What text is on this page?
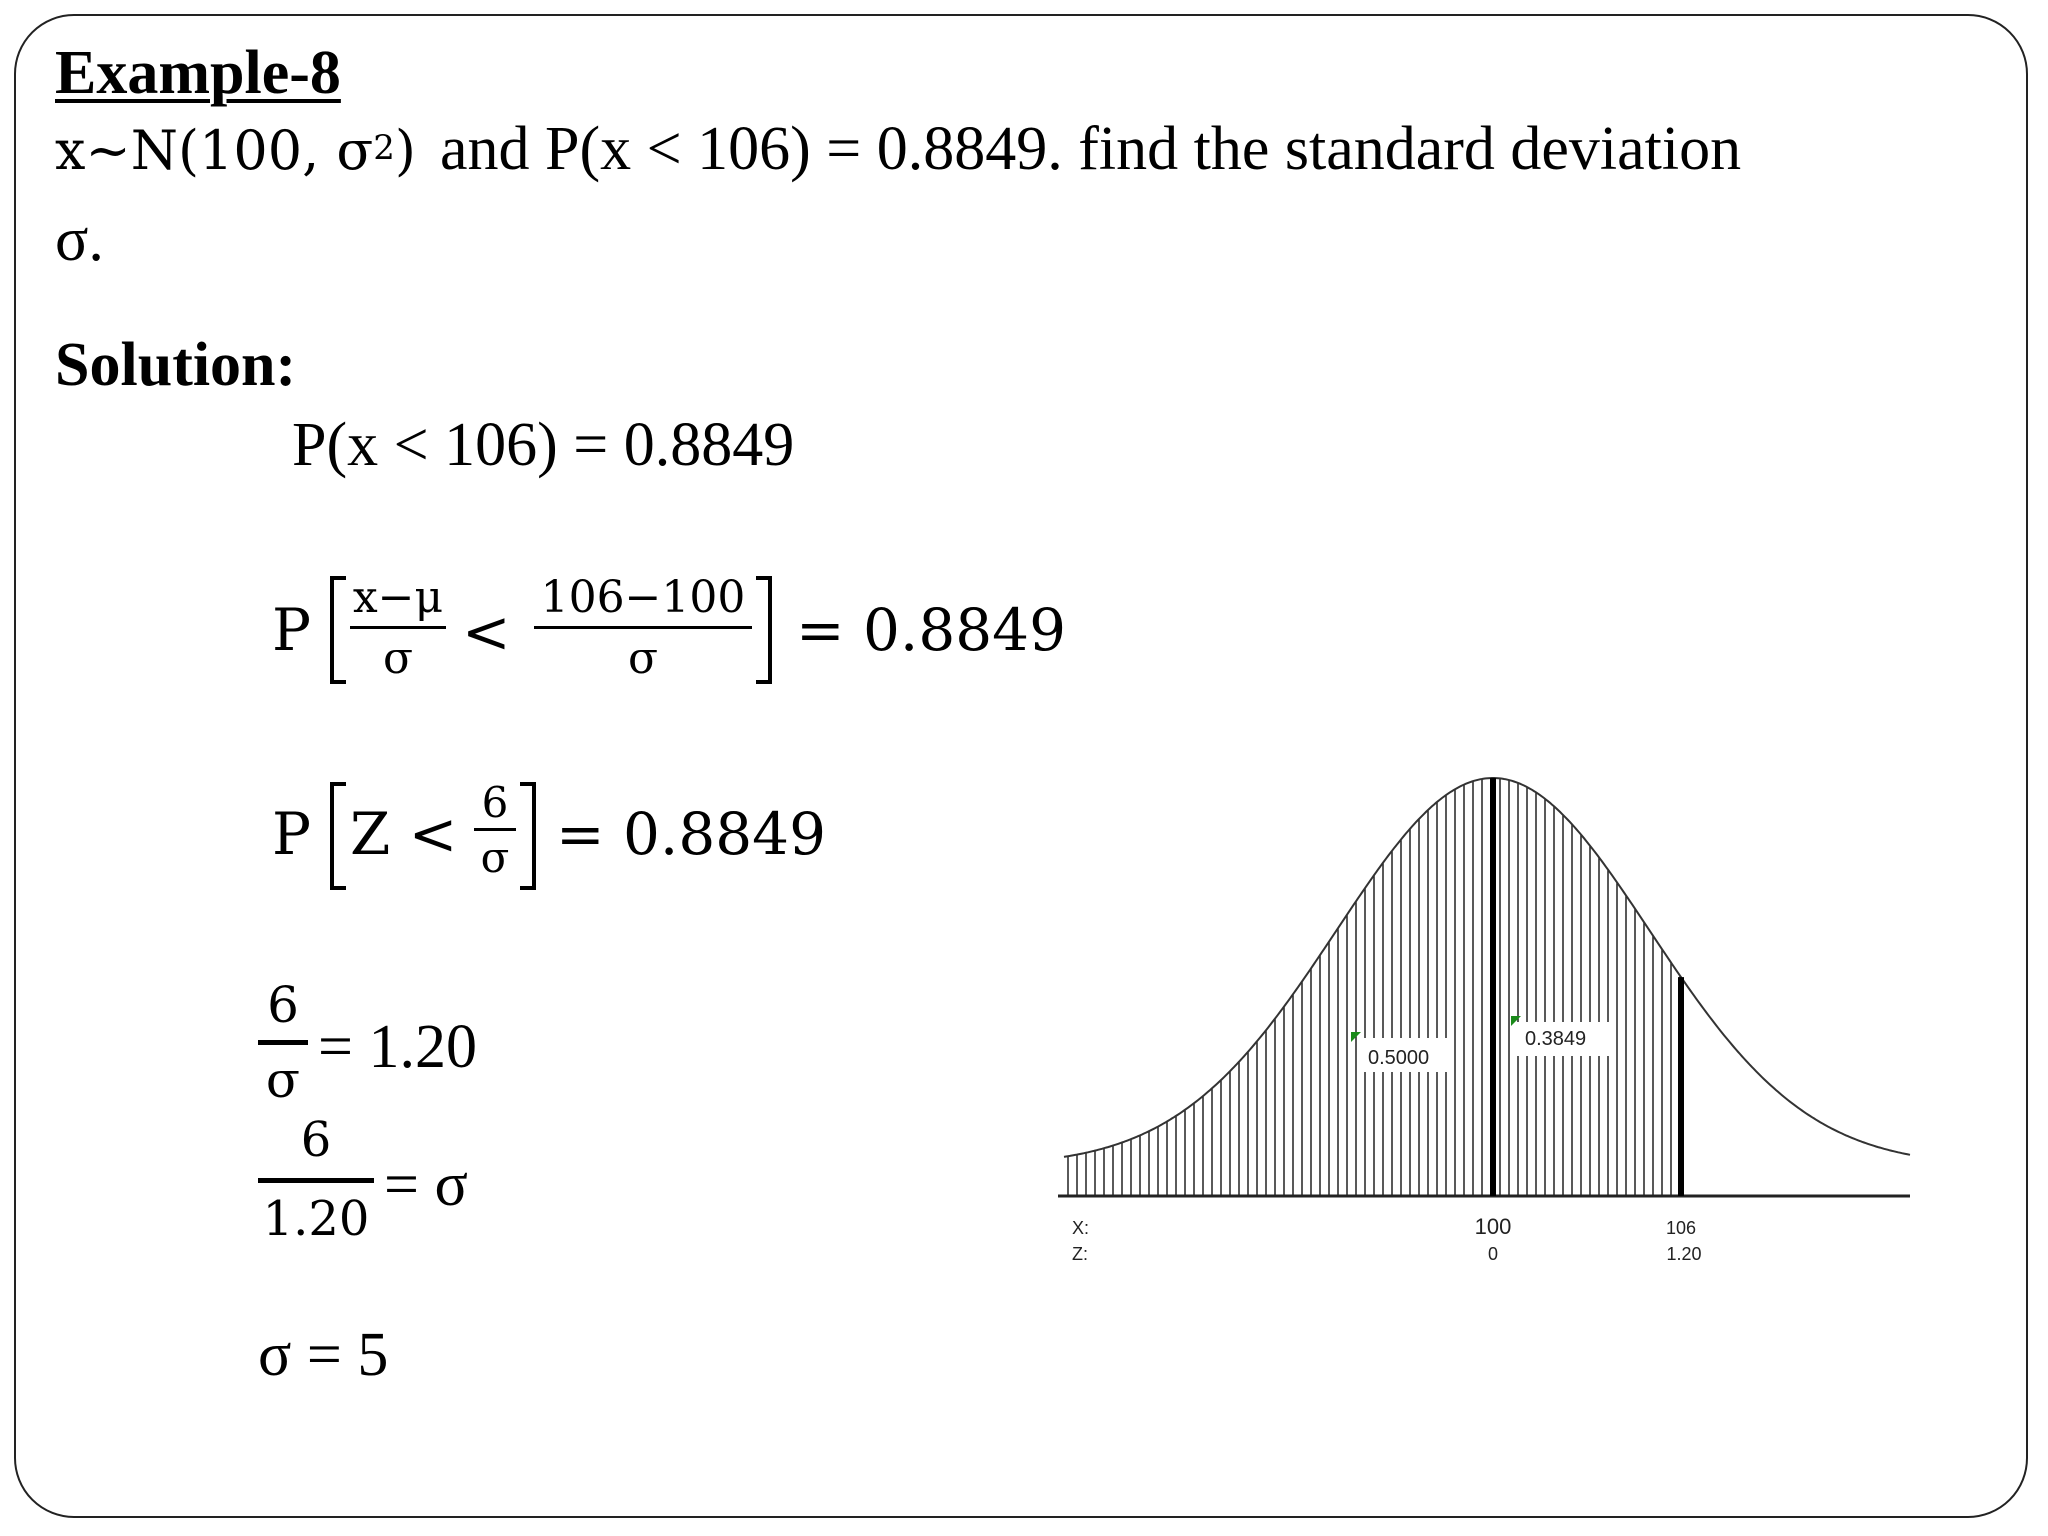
Example-8
x~N(100, $\sigma^2$) and P(x < 106) = 0.8849. find the standard deviation
σ.
Solution:
P(x < 106) = 0.8849
P x−μ
σ <
106−100
σ = 0.8849
P Z < 6
σ = 0.8849
6
σ = 1.20
6
1.20 = σ
σ = 5
0.5000
0.3849
X:
Z:
100
0
106
1.20
